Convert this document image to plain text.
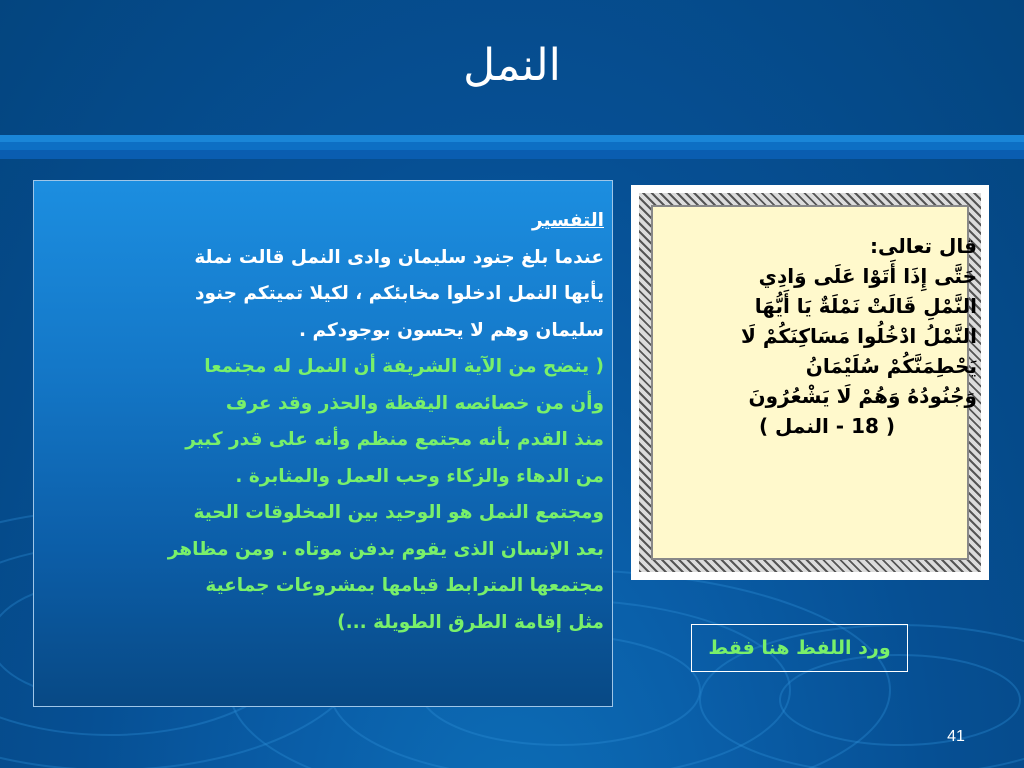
النمل
التفسير
عندما بلغ جنود سليمان وادى النمل قالت نملة
يأيها النمل ادخلوا مخابئكم ، لكيلا تميتكم جنود
سليمان وهم لا يحسون بوجودكم .
( يتضح من الآية الشريفة أن النمل له مجتمعا
وأن من خصائصه اليقظة والحذر وقد عرف
منذ القدم بأنه مجتمع منظم وأنه على قدر كبير
من الدهاء والزكاء وحب العمل والمثابرة .
ومجتمع النمل هو الوحيد بين المخلوقات الحية
بعد الإنسان الذى يقوم بدفن موتاه . ومن مظاهر
مجتمعها المترابط قيامها بمشروعات جماعية
مثل إقامة الطرق الطويلة ...)
قال تعالى:
حَتَّى إِذَا أَتَوْا عَلَى وَادِي
النَّمْلِ قَالَتْ نَمْلَةٌ يَا أَيُّهَا
النَّمْلُ ادْخُلُوا مَسَاكِنَكُمْ لَا
يَحْطِمَنَّكُمْ سُلَيْمَانُ
وَجُنُودُهُ وَهُمْ لَا يَشْعُرُونَ
( 18 - النمل )
ورد اللفظ هنا فقط
41
